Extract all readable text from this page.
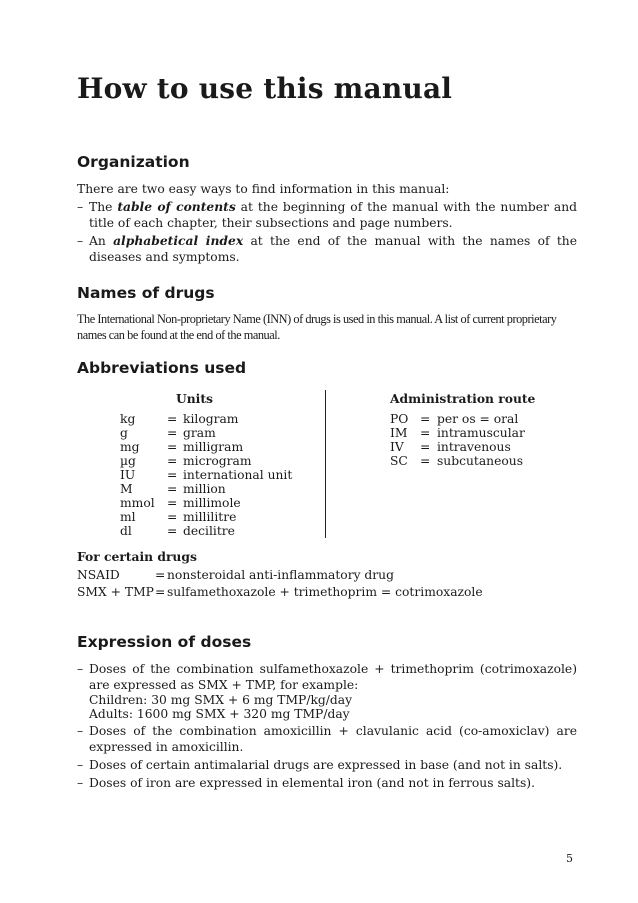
How to use this manual
Organization

There are two easy ways to find information in this manual:

– The table of contents at the beginning of the manual with the number and title of each chapter, their subsections and page numbers.
– An alphabetical index at the end of the manual with the names of the diseases and symptoms.
Names of drugs

The International Non-proprietary Name (INN) of drugs is used in this manual. A list of current proprietary names can be found at the end of the manual.

Abbreviations used

Units	Administration route

kg	=	kilogram
g	=	gram
mg	=	milligram
µg	=	microgram
IU	=	international unit
M	=	million
mmol	=	millimole
ml	=	millilitre
dl	=	decilitre
PO	=	per os = oral
IM	=	intramuscular
IV	=	intravenous
SC	=	subcutaneous

For certain drugs

NSAID	= nonsteroidal anti-inflammatory drug
SMX + TMP= sulfamethoxazole + trimethoprim = cotrimoxazole
Expression of doses
– Doses of the combination sulfamethoxazole + trimethoprim (cotrimoxazole) are expressed as SMX + TMP, for example:
Children: 30 mg SMX + 6 mg TMP/kg/day
Adults: 1600 mg SMX + 320 mg TMP/day
– Doses of the combination amoxicillin + clavulanic acid (co-amoxiclav) are expressed in amoxicillin.
– Doses of certain antimalarial drugs are expressed in base (and not in salts).
– Doses of iron are expressed in elemental iron (and not in ferrous salts).

5
